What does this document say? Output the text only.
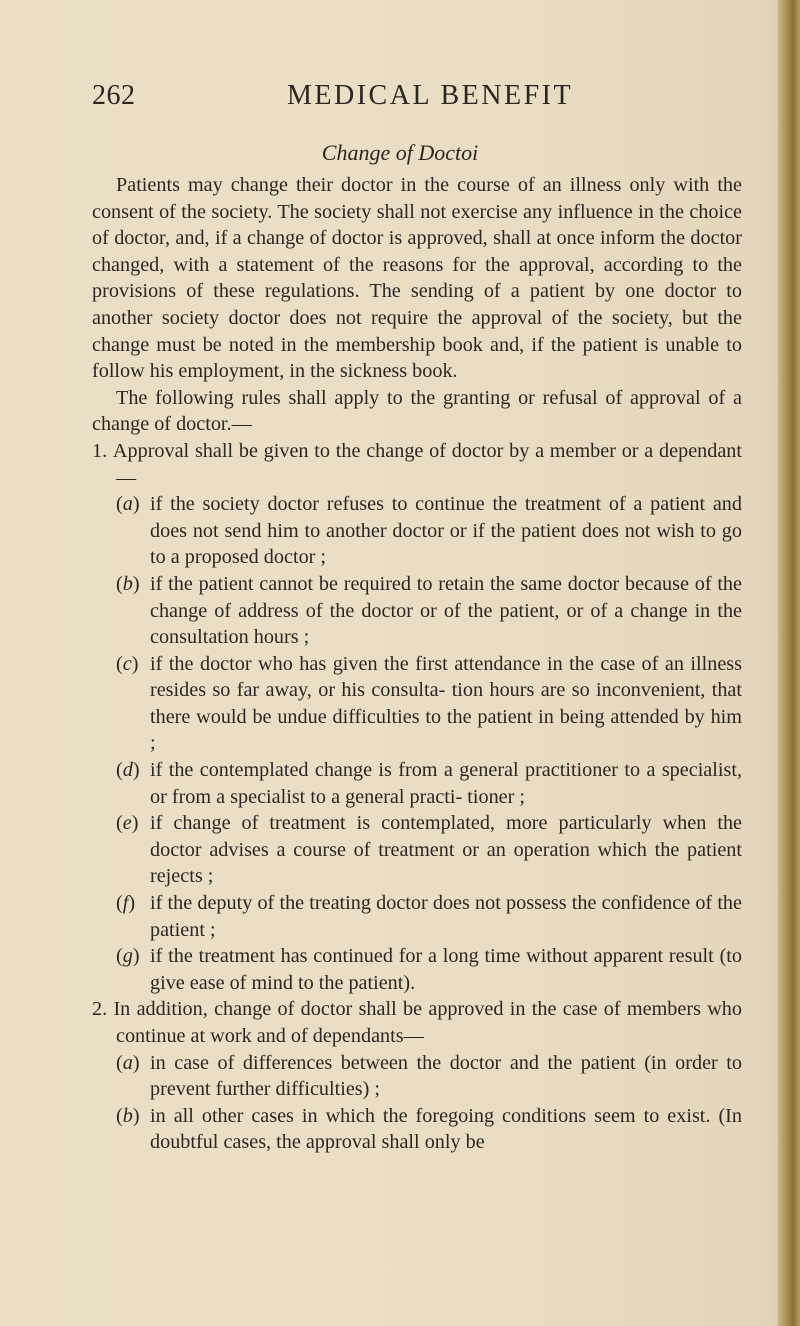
262	MEDICAL BENEFIT
Change of Doctoi

Patients may change their doctor in the course of an illness only with the consent of the society. The society shall not exercise any influence in the choice of doctor, and, if a change of doctor is approved, shall at once inform the doctor changed, with a statement of the reasons for the approval, according to the provisions of these regulations. The sending of a patient by one doctor to another society doctor does not require the approval of the society, but the change must be noted in the membership book and, if the patient is unable to follow his employment, in the sickness book.

The following rules shall apply to the granting or refusal of approval of a change of doctor.—

1. Approval shall be given to the change of doctor by a member or a dependant—

(a) if the society doctor refuses to continue the treatment of a patient and does not send him to another doctor or if the patient does not wish to go to a proposed doctor ;

(b) if the patient cannot be required to retain the same doctor because of the change of address of the doctor or of the patient, or of a change in the consultation hours ;

(c) if the doctor who has given the first attendance in the case of an illness resides so far away, or his consulta- tion hours are so inconvenient, that there would be undue difficulties to the patient in being attended by him ;

(d) if the contemplated change is from a general practitioner to a specialist, or from a specialist to a general practi- tioner ;

(e) if change of treatment is contemplated, more particularly when the doctor advises a course of treatment or an operation which the patient rejects ;

(f) if the deputy of the treating doctor does not possess the confidence of the patient ;

(g) if the treatment has continued for a long time without apparent result (to give ease of mind to the patient).

2. In addition, change of doctor shall be approved in the case of members who continue at work and of dependants—

(a) in case of differences between the doctor and the patient (in order to prevent further difficulties) ;

(b) in all other cases in which the foregoing conditions seem to exist. (In doubtful cases, the approval shall only be
